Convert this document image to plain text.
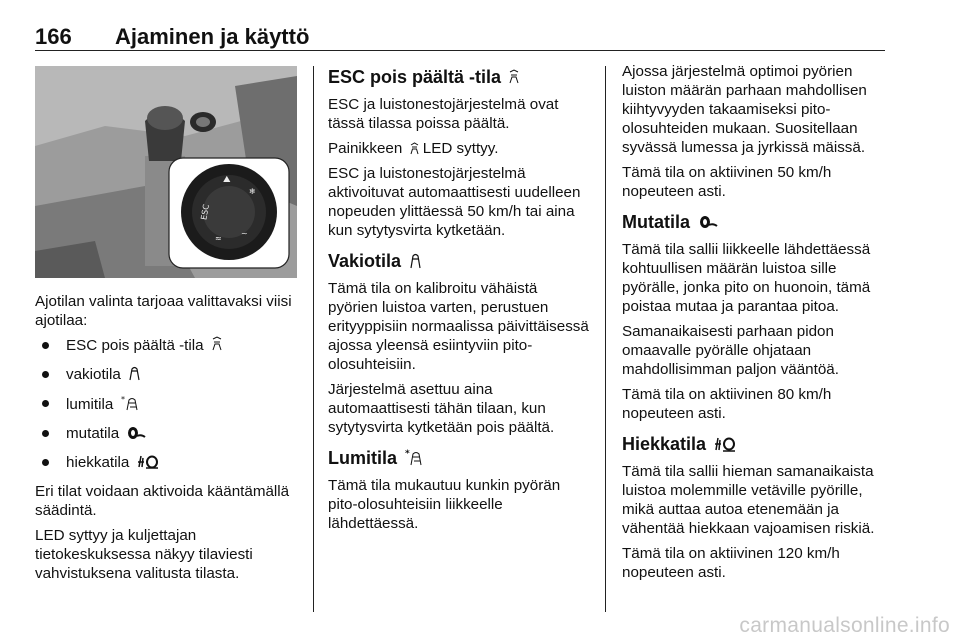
166 Ajaminen ja käyttö
⛰
❄
ESC
≈
~

Ajotilan valinta tarjoaa valittavaksi viisi ajotilaa:

ESC pois päältä -tila
vakiotila
lumitila *
mutatila
hiekkatila

Eri tilat voidaan aktivoida kääntämällä säädintä.

LED syttyy ja kuljettajan tietokeskuksessa näkyy tilaviesti vahvistuksena valitusta tilasta.

ESC pois päältä -tila

ESC ja luistonestojärjestelmä ovat tässä tilassa poissa päältä.

Painikkeen LED syttyy.

ESC ja luistonestojärjestelmä aktivoituvat automaattisesti uudelleen nopeuden ylittäessä 50 km/h tai aina kun sytytysvirta kytketään.

Vakiotila

Tämä tila on kalibroitu vähäistä pyörien luistoa varten, perustuen erityyppisiin normaalissa päivittäisessä ajossa yleensä esiintyviin pito-olosuhteisiin.

Järjestelmä asettuu aina automaattisesti tähän tilaan, kun sytytysvirta kytketään pois päältä.

Lumitila *

Tämä tila mukautuu kunkin pyörän pito-olosuhteisiin liikkeelle lähdettäessä.

Ajossa järjestelmä optimoi pyörien luiston määrän parhaan mahdollisen kiihtyvyyden takaamiseksi pito-olosuhteiden mukaan. Suositellaan syvässä lumessa ja jyrkissä mäissä.

Tämä tila on aktiivinen 50 km/h nopeuteen asti.

Mutatila

Tämä tila sallii liikkeelle lähdettäessä kohtuullisen määrän luistoa sille pyörälle, jonka pito on huonoin, tämä poistaa mutaa ja parantaa pitoa.

Samanaikaisesti parhaan pidon omaavalle pyörälle ohjataan mahdollisimman paljon vääntöä.

Tämä tila on aktiivinen 80 km/h nopeuteen asti.

Hiekkatila

Tämä tila sallii hieman samanaikaista luistoa molemmille vetäville pyörille, mikä auttaa autoa etenemään ja vähentää hiekkaan vajoamisen riskiä.

Tämä tila on aktiivinen 120 km/h nopeuteen asti.

carmanualsonline.info
